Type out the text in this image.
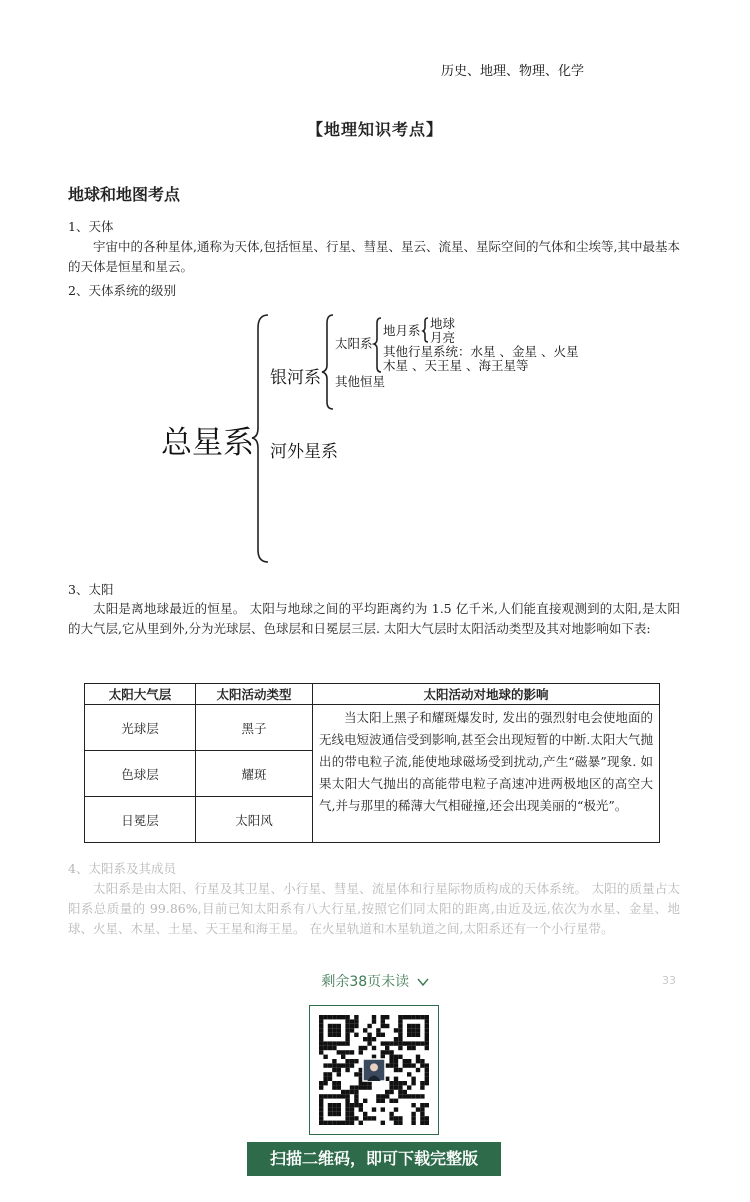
历史、地理、物理、化学
【地理知识考点】
地球和地图考点
1、天体
宇宙中的各种星体,通称为天体,包括恒星、行星、彗星、星云、流星、星际空间的气体和尘埃等,其中最基本的天体是恒星和星云。
2、天体系统的级别
总星系
银河系
河外星系
太阳系
其他恒星
地月系 地球
月亮
其他行星系统：水星 、金星 、火星
木星 、天王星 、海王星等
3、太阳
太阳是离地球最近的恒星。 太阳与地球之间的平均距离约为 1.5 亿千米,人们能直接观测到的太阳,是太阳的大气层,它从里到外,分为光球层、色球层和日冕层三层. 太阳大气层时太阳活动类型及其对地影响如下表:
太阳大气层	太阳活动类型	太阳活动对地球的影响
光球层	黑子	当太阳上黑子和耀斑爆发时, 发出的强烈射电会使地面的无线电短波通信受到影响,甚至会出现短暂的中断.太阳大气抛出的带电粒子流,能使地球磁场受到扰动,产生“磁暴”现象. 如果太阳大气抛出的高能带电粒子高速冲进两极地区的高空大气,并与那里的稀薄大气相碰撞,还会出现美丽的“极光”。
色球层	耀斑	
日冕层	太阳风	
4、太阳系及其成员
太阳系是由太阳、行星及其卫星、小行星、彗星、流星体和行星际物质构成的天体系统。 太阳的质量占太阳系总质量的 99.86%,目前已知太阳系有八大行星,按照它们同太阳的距离,由近及远,依次为水星、金星、地球、火星、木星、土星、天王星和海王星。 在火星轨道和木星轨道之间,太阳系还有一个小行星带。
33
剩余38页未读
扫描二维码，即可下载完整版
